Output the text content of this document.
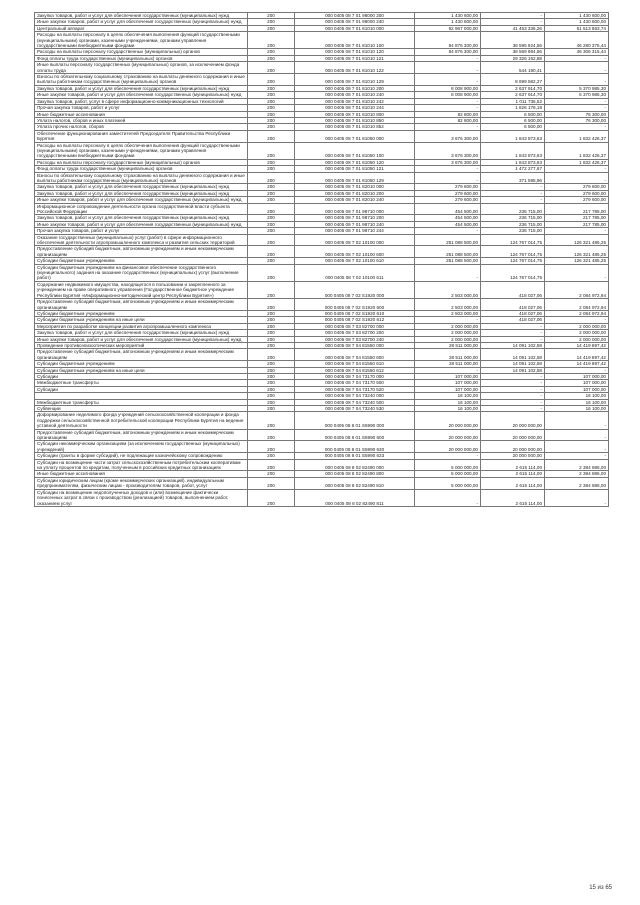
Закупка товаров, работ и услуг для обеспечения государственных (муниципальных) нужд	200	000 0405 08 7 01 98000 200	1 430 600,00	-	1 430 600,00
Иные закупки товаров, работ и услуг для обеспечения государственных (муниципальных) нужд	200	000 0405 08 7 01 98000 240	1 430 600,00	-	1 430 600,00
Центральный аппарат	200	000 0405 08 7 01 81010 000	92 967 000,00	41 453 336,26	51 513 663,74
Расходы на выплаты персоналу в целях обеспечения выполнения функций государственными (муниципальными) органами, казенными учреждениями, органами управления государственными внебюджетными фондами	200	000 0405 08 7 01 81010 100	84 876 300,00	38 595 924,56	46 280 375,44
Расходы на выплаты персоналу государственных (муниципальных) органов	200	000 0405 08 7 01 81010 120	84 876 300,00	38 569 984,56	46 306 315,44
Фонд оплаты труда государственных (муниципальных) органов	200	000 0405 08 7 01 81010 121	-	29 326 152,88	-
Иные выплаты персоналу государственных (муниципальных) органов, за исключением фонда оплаты труда	200	000 0405 08 7 01 81010 122	-	544 190,41	-
Взносы по обязательному социальному страхованию на выплаты денежного содержания и иные выплаты работникам государственных (муниципальных) органов	200	000 0405 08 7 01 81010 129	-	8 699 582,27	-
Закупка товаров, работ и услуг для обеспечения государственных (муниципальных) нужд	200	000 0405 08 7 01 81010 200	8 008 900,00	2 637 914,70	5 370 985,30
Иные закупки товаров, работ и услуг для обеспечения государственных (муниципальных) нужд	200	000 0405 08 7 01 81010 240	8 008 900,00	2 637 914,70	5 370 985,30
Закупка товаров, работ, услуг в сфере информационно-коммуникационных технологий	200	000 0405 08 7 01 81010 242	-	1 011 736,52	-
Прочая закупка товаров, работ и услуг	200	000 0405 08 7 01 81010 244	-	1 626 178,18	-
Иные бюджетные ассигнования	200	000 0405 08 7 01 81010 800	82 800,00	6 500,00	76 300,00
Уплата налогов, сборов и иных платежей	200	000 0405 08 7 01 81010 850	82 800,00	6 500,00	76 300,00
Уплата прочих налогов, сборов	200	000 0405 08 7 01 81010 852	-	6 500,00	-
Обеспечение функционирования заместителей Председателя Правительства Республики Бурятия	200	000 0405 08 7 01 81050 000	3 676 300,00	1 843 873,63	1 832 426,37
Расходы на выплаты персоналу в целях обеспечения выполнения функций государственными (муниципальными) органами, казенными учреждениями, органами управления государственными внебюджетными фондами	200	000 0405 08 7 01 81050 100	3 676 300,00	1 843 873,63	1 832 426,37
Расходы на выплаты персоналу государственных (муниципальных) органов	200	000 0405 08 7 01 81050 120	3 676 300,00	1 843 873,63	1 832 426,37
Фонд оплаты труда государственных (муниципальных) органов	200	000 0405 08 7 01 81050 121	-	1 472 277,67	-
Взносы по обязательному социальному страхованию на выплаты денежного содержания и иные выплаты работникам государственных (муниципальных) органов	200	000 0405 08 7 01 81050 129	-	371 595,96	-
Закупка товаров, работ и услуг для обеспечения государственных (муниципальных) нужд	200	000 0405 08 7 01 82010 000	279 600,00	-	279 600,00
Закупка товаров, работ и услуг для обеспечения государственных (муниципальных) нужд	200	000 0405 08 7 01 82010 200	279 600,00	-	279 600,00
Иные закупки товаров, работ и услуг для обеспечения государственных (муниципальных) нужд	200	000 0405 08 7 01 82010 240	279 600,00	-	279 600,00
Информационное сопровождение деятельности органа государственной власти субъекта Российской Федерации	200	000 0405 08 7 01 98710 000	454 500,00	236 715,00	217 785,00
Закупка товаров, работ и услуг для обеспечения государственных (муниципальных) нужд	200	000 0405 08 7 01 98710 200	454 500,00	236 715,00	217 785,00
Иные закупки товаров, работ и услуг для обеспечения государственных (муниципальных) нужд	200	000 0405 08 7 01 98710 240	454 500,00	236 715,00	217 785,00
Прочая закупка товаров, работ и услуг	200	000 0405 08 7 01 98710 244	-	236 715,00	-
Оказание государственных (муниципальных) услуг (работ) в сфере информационного обеспечения деятельности агропромышленного комплекса и развития сельских территорий	200	000 0405 08 7 02 10100 000	251 088 500,00	124 767 014,75	126 321 485,25
Предоставление субсидий бюджетным, автономным учреждениям и иным некоммерческим организациям	200	000 0405 08 7 02 10100 600	251 088 500,00	124 767 014,75	126 321 485,25
Субсидии бюджетным учреждениям	200	000 0405 08 7 02 10100 610	251 088 500,00	124 767 014,75	126 321 485,25
Субсидии бюджетным учреждениям на финансовое обеспечение государственного (муниципального) задания на оказание государственных (муниципальных) услуг (выполнение работ)	200	000 0405 08 7 02 10100 611	-	124 767 014,75	-
Содержание недвижимого имущества, находящегося в пользовании и закрепленного за учреждением на праве оперативного управления (Государственное бюджетное учреждение Республики Бурятия «Информационно-методический центр Республики Бурятия»)	200	000 0405 08 7 02 S1920 000	2 503 000,00	418 027,06	2 084 972,94
Предоставление субсидий бюджетным, автономным учреждениям и иным некоммерческим организациям	200	000 0405 08 7 02 S1920 600	2 503 000,00	418 027,06	2 084 972,94
Субсидии бюджетным учреждениям	200	000 0405 08 7 02 S1920 610	2 503 000,00	418 027,06	2 084 972,94
Субсидии бюджетным учреждениям на иные цели	200	000 0405 08 7 02 S1920 612	-	418 027,06	-
Мероприятия по разработке концепции развития агропромышленного комплекса	200	000 0405 08 7 03 82700 000	2 000 000,00	-	2 000 000,00
Закупка товаров, работ и услуг для обеспечения государственных (муниципальных) нужд	200	000 0405 08 7 03 82700 200	2 000 000,00	-	2 000 000,00
Иные закупки товаров, работ и услуг для обеспечения государственных (муниципальных) нужд	200	000 0405 08 7 03 82700 240	2 000 000,00	-	2 000 000,00
Проведение противоэпизоотических мероприятий	200	000 0405 08 7 04 81550 000	28 511 000,00	14 091 102,58	14 419 897,42
Предоставление субсидий бюджетным, автономным учреждениям и иным некоммерческим организациям	200	000 0405 08 7 04 81550 600	28 511 000,00	14 091 102,58	14 419 897,42
Субсидии бюджетным учреждениям	200	000 0405 08 7 04 81550 610	28 511 000,00	14 091 102,58	14 419 897,42
Субсидии бюджетным учреждениям на иные цели	200	000 0405 08 7 04 81550 612	-	14 091 102,58	-
Субсидии	200	000 0405 08 7 04 73170 000	107 000,00	-	107 000,00
Межбюджетные трансферты	200	000 0405 08 7 04 73170 500	107 000,00	-	107 000,00
Субсидии	200	000 0405 08 7 04 73170 520	107 000,00	-	107 000,00
	200	000 0405 08 7 04 73240 000	16 100,00	-	16 100,00
Межбюджетные трансферты	200	000 0405 08 7 04 73240 500	16 100,00	-	16 100,00
Субвенции	200	000 0405 08 7 04 73240 530	16 100,00	-	16 100,00
Доформирование неделимого фонда учреждений сельскохозяйственной кооперации и фонда поддержки сельскохозяйственной потребительской кооперации Республики Бурятия на ведение уставной деятельности	200	000 0405 08 8 01 S5990 000	20 000 000,00	20 000 000,00	-
Предоставление субсидий бюджетным, автономным учреждениям и иным некоммерческим организациям	200	000 0405 08 8 01 S5990 600	20 000 000,00	20 000 000,00	-
Субсидии некоммерческим организациям (за исключением государственных (муниципальных) учреждений)	200	000 0405 08 8 01 S5990 630	20 000 000,00	20 000 000,00	-
Субсидии (гранты в форме субсидий), не подлежащие казначейскому сопровождению	200	000 0405 08 8 01 S5990 633	-	20 000 000,00	-
Субсидии на возмещение части затрат сельскохозяйственным потребительским кооперативам на уплату процентов по кредитам, полученным в российских кредитных организациях	200	000 0405 08 8 02 82490 000	5 000 000,00	2 615 114,00	2 384 886,00
Иные бюджетные ассигнования	200	000 0405 08 8 02 82490 800	5 000 000,00	2 615 114,00	2 384 886,00
Субсидии юридическим лицам (кроме некоммерческих организаций), индивидуальным предпринимателям, физическим лицам - производителям товаров, работ, услуг	200	000 0405 08 8 02 82490 810	5 000 000,00	2 615 114,00	2 384 886,00
Субсидии на возмещение недополученных доходов и (или) возмещение фактически понесенных затрат в связи с производством (реализацией) товаров, выполнением работ, оказанием услуг	200	000 0405 08 8 02 82490 811	-	2 615 114,00	-
15 из 65
